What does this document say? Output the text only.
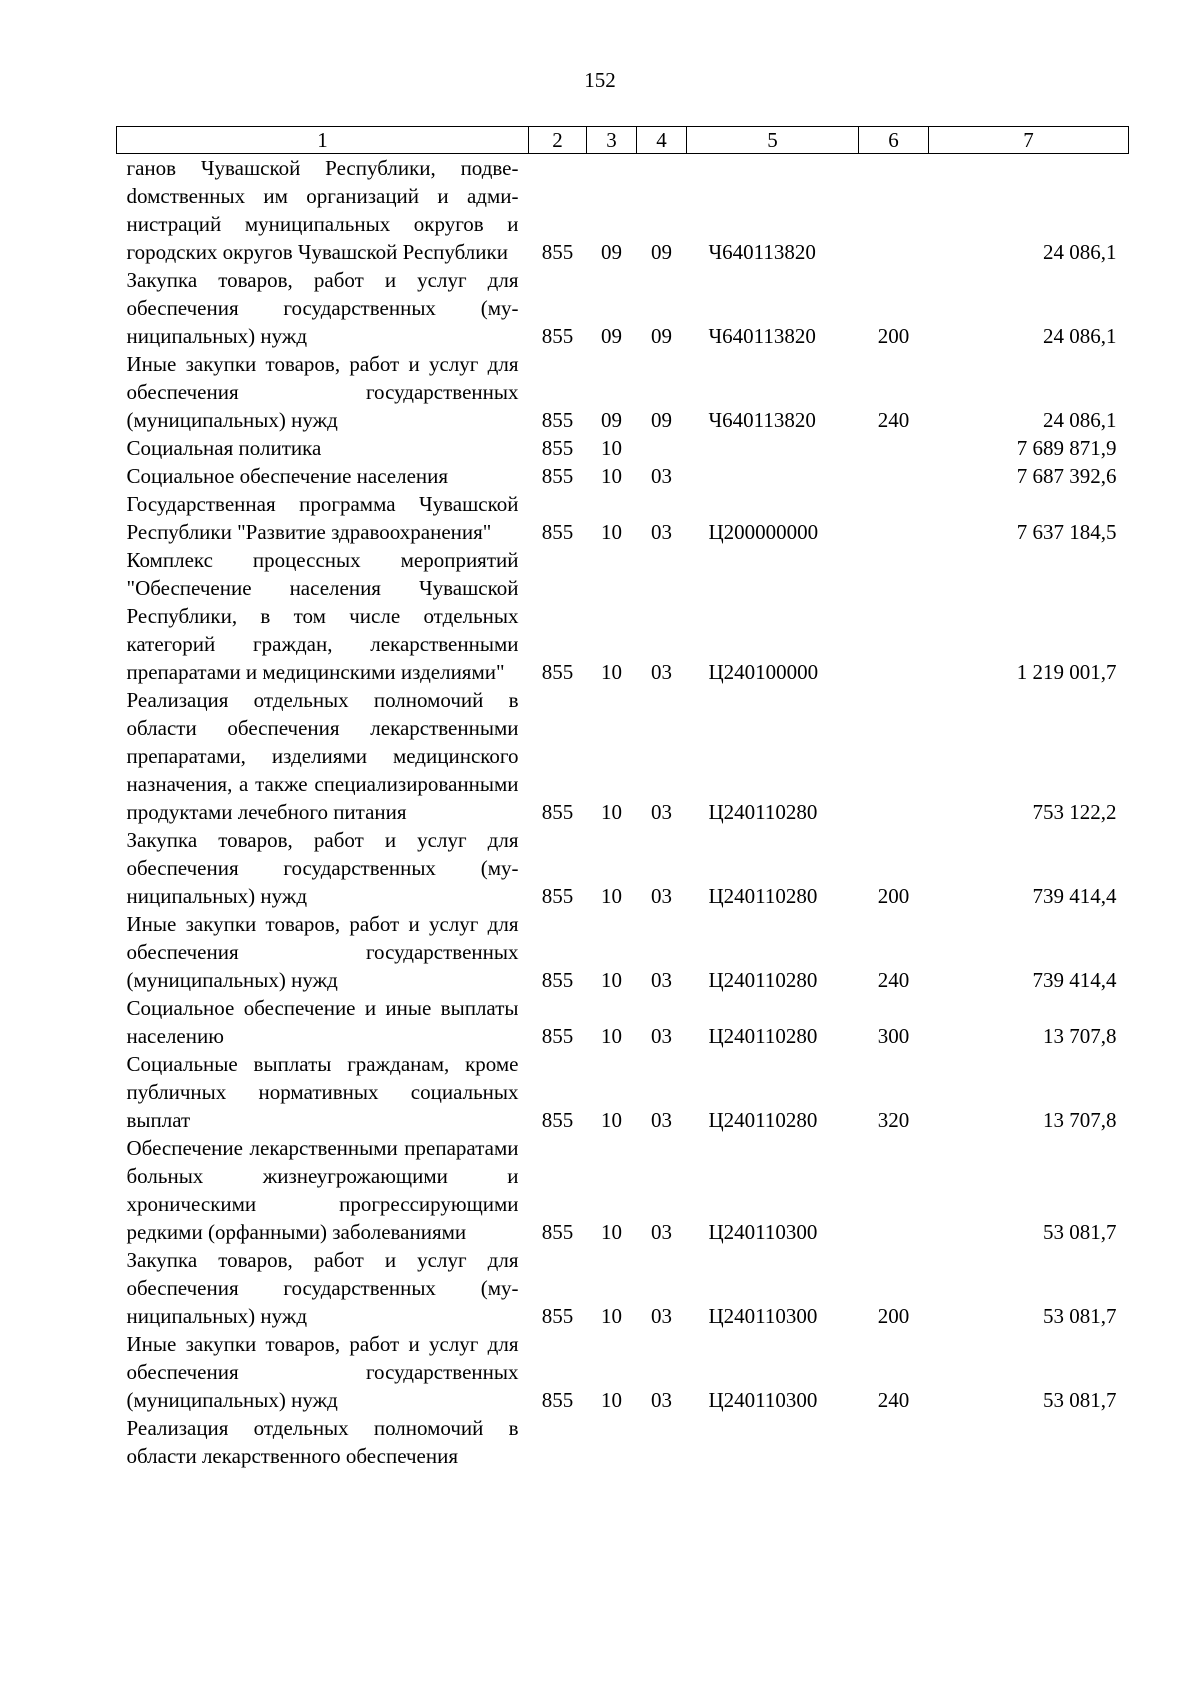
152
1	2	3	4	5	6	7
ганов Чувашской Республики, подвеdомственных им организаций и администраций муниципальных округов и городских округов Чувашской Республики	855	09	09	Ч640113820		24 086,1
Закупка товаров, работ и услуг для обеспечения государственных (муниципальных) нужд	855	09	09	Ч640113820	200	24 086,1
Иные закупки товаров, работ и услуг для обеспечения государственных (муниципальных) нужд	855	09	09	Ч640113820	240	24 086,1
Социальная политика	855	10				7 689 871,9
Социальное обеспечение населения	855	10	03			7 687 392,6
Государственная программа Чувашской Республики "Развитие здравоохранения"	855	10	03	Ц200000000		7 637 184,5
Комплекс процессных мероприятий "Обеспечение населения Чувашской Республики, в том числе отдельных категорий граждан, лекарственными препаратами и медицинскими изделиями"	855	10	03	Ц240100000		1 219 001,7
Реализация отдельных полномочий в области обеспечения лекарственными препаратами, изделиями медицинского назначения, а также специализированными продуктами лечебного питания	855	10	03	Ц240110280		753 122,2
Закупка товаров, работ и услуг для обеспечения государственных (муниципальных) нужд	855	10	03	Ц240110280	200	739 414,4
Иные закупки товаров, работ и услуг для обеспечения государственных (муниципальных) нужд	855	10	03	Ц240110280	240	739 414,4
Социальное обеспечение и иные выплаты населению	855	10	03	Ц240110280	300	13 707,8
Социальные выплаты гражданам, кроме публичных нормативных социальных выплат	855	10	03	Ц240110280	320	13 707,8
Обеспечение лекарственными препаратами больных жизнеугрожающими и хроническими прогрессирующими редкими (орфанными) заболеваниями	855	10	03	Ц240110300		53 081,7
Закупка товаров, работ и услуг для обеспечения государственных (муниципальных) нужд	855	10	03	Ц240110300	200	53 081,7
Иные закупки товаров, работ и услуг для обеспечения государственных (муниципальных) нужд	855	10	03	Ц240110300	240	53 081,7
Реализация отдельных полномочий в области лекарственного обеспечения						
